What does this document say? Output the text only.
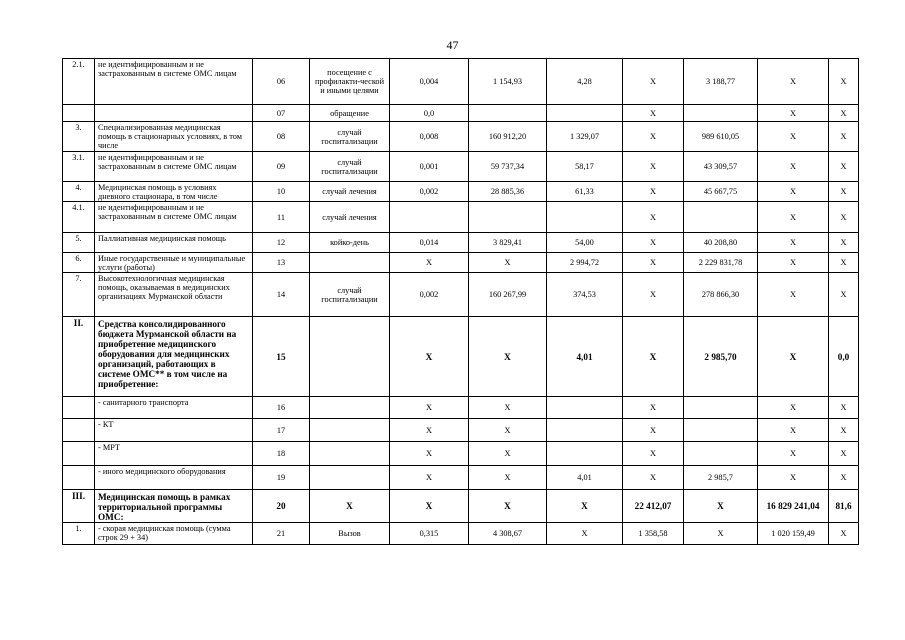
47
2.1.	не идентифицированным и не застрахованным в системе ОМС лицам	06	посещение с профилакти-ческой и иными целями	0,004	1 154,93	4,28	Х	3 188,77	Х	Х
		07	обращение	0,0			Х		Х	Х
3.	Специализированная медицинская помощь в стационарных условиях, в том числе	08	случай госпитализации	0,008	160 912,20	1 329,07	Х	989 610,05	Х	Х
3.1.	не идентифицированным и не застрахованным в системе ОМС лицам	09	случай госпитализации	0,001	59 737,34	58,17	Х	43 309,57	Х	Х
4.	Медицинская помощь в условиях дневного стационара, в том числе	10	случай лечения	0,002	28 885,36	61,33	Х	45 667,75	Х	Х
4.1.	не идентифицированным и не застрахованным в системе ОМС лицам	11	случай лечения				Х		Х	Х
5.	Паллиативная медицинская помощь	12	койко-день	0,014	3 829,41	54,00	Х	40 208,80	Х	Х
6.	Иные государственные и муниципальные услуги (работы)	13		Х	Х	2 994,72	Х	2 229 831,78	Х	Х
7.	Высокотехнологичная медицинская помощь, оказываемая в медицинских организациях Мурманской области	14	случай госпитализации	0,002	160 267,99	374,53	Х	278 866,30	Х	Х
II.	Средства консолидированного бюджета Мурманской области на приобретение медицинского оборудования для медицинских организаций, работающих в системе ОМС** в том числе на приобретение:	15		Х	Х	4,01	Х	2 985,70	Х	0,0
	- санитарного транспорта	16		Х	Х		Х		Х	Х
	- КТ	17		Х	Х		Х		Х	Х
	- МРТ	18		Х	Х		Х		Х	Х
	- иного медицинского оборудования	19		Х	Х	4,01	Х	2 985,7	Х	Х
III.	Медицинская помощь в рамках территориальной программы ОМС:	20	Х	Х	Х	Х	22 412,07	Х	16 829 241,04	81,6
1.	- скорая медицинская помощь (сумма строк 29 + 34)	21	Вызов	0,315	4 308,67	Х	1 358,58	Х	1 020 159,49	Х
